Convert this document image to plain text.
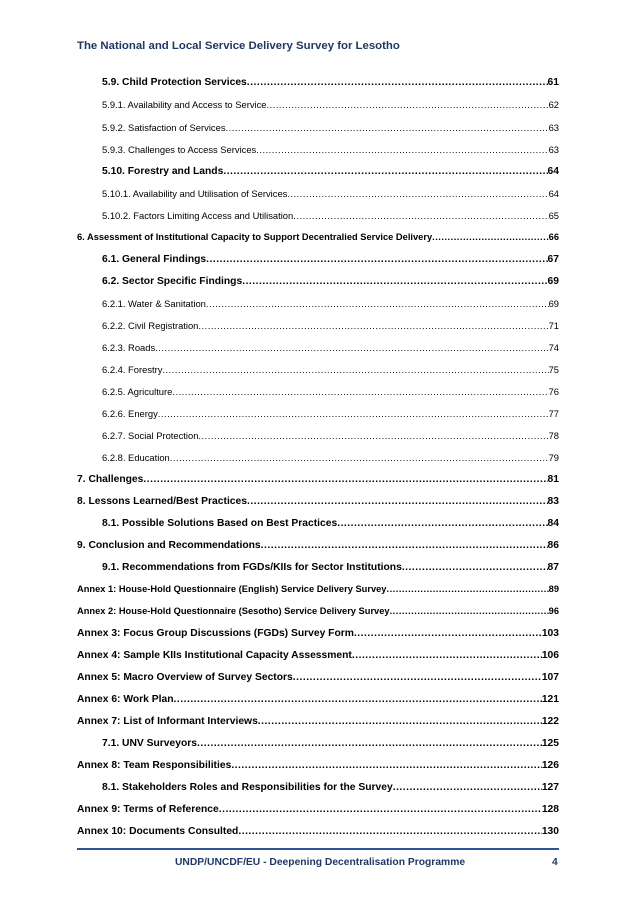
The National and Local Service Delivery Survey for Lesotho
5.9. Child Protection Services .....	61
5.9.1. Availability and Access to Service .....	62
5.9.2. Satisfaction of Services .....	63
5.9.3. Challenges to Access Services .....	63
5.10. Forestry and Lands .....	64
5.10.1. Availability and Utilisation of Services .....	64
5.10.2. Factors Limiting Access and Utilisation .....	65
6. Assessment of Institutional Capacity to Support Decentralied Service Delivery .....	66
6.1. General Findings .....	67
6.2. Sector Specific Findings .....	69
6.2.1. Water & Sanitation .....	69
6.2.2. Civil Registration .....	71
6.2.3. Roads .....	74
6.2.4. Forestry .....	75
6.2.5. Agriculture .....	76
6.2.6. Energy .....	77
6.2.7. Social Protection .....	78
6.2.8. Education .....	79
7. Challenges .....	81
8. Lessons Learned/Best Practices .....	83
8.1. Possible Solutions Based on Best Practices .....	84
9. Conclusion and Recommendations .....	86
9.1. Recommendations from FGDs/KIIs for Sector Institutions .....	87
Annex 1: House-Hold Questionnaire (English) Service Delivery Survey .....	89
Annex 2: House-Hold Questionnaire (Sesotho) Service Delivery Survey .....	96
Annex 3: Focus Group Discussions (FGDs) Survey Form .....	103
Annex 4: Sample KIIs Institutional Capacity Assessment .....	106
Annex 5: Macro Overview of Survey Sectors .....	107
Annex 6: Work Plan .....	121
Annex 7: List of Informant Interviews .....	122
7.1. UNV Surveyors .....	125
Annex 8: Team Responsibilities .....	126
8.1. Stakeholders Roles and Responsibilities for the Survey .....	127
Annex 9: Terms of Reference .....	128
Annex 10: Documents Consulted .....	130
UNDP/UNCDF/EU - Deepening Decentralisation Programme	4
